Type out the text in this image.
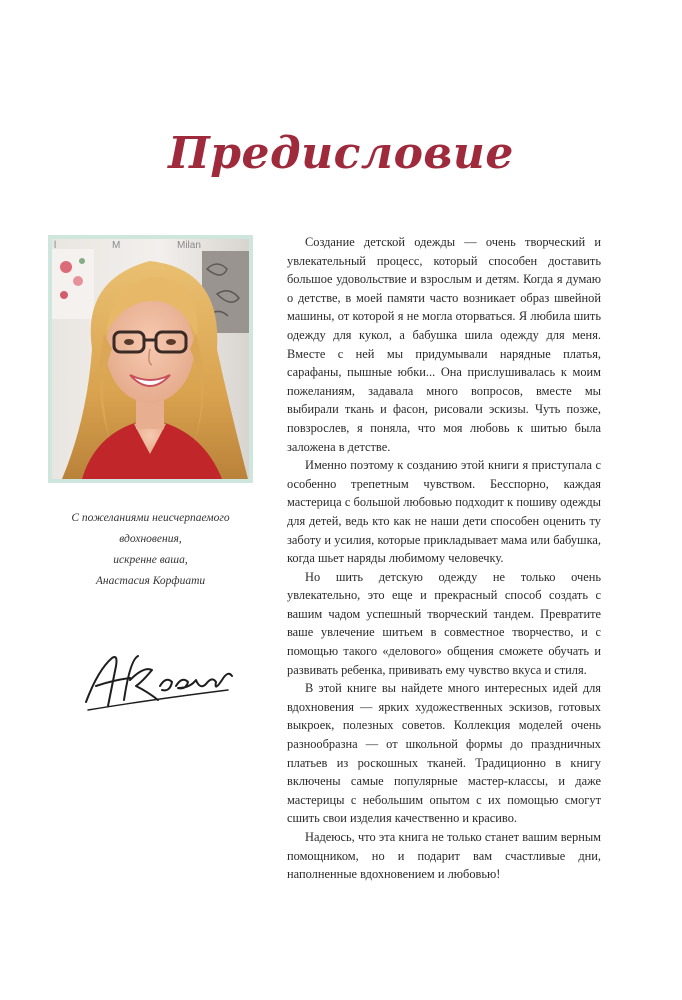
Предисловие
l	M	Milan
С пожеланиями неисчерпаемого
вдохновения,
искренне ваша,
Анастасия Корфиати

Создание детской одежды — очень творческий и увлекательный процесс, который способен доставить большое удовольствие и взрослым и детям. Когда я думаю о детстве, в моей памяти часто возникает образ швейной машины, от которой я не могла оторваться. Я любила шить одежду для кукол, а бабушка шила одежду для меня. Вместе с ней мы придумывали нарядные платья, сарафаны, пышные юбки... Она прислушивалась к моим пожеланиям, задавала много вопросов, вместе мы выбирали ткань и фасон, рисовали эскизы. Чуть позже, повзрослев, я поняла, что моя любовь к шитью была заложена в детстве.

Именно поэтому к созданию этой книги я приступала с особенно трепетным чувством. Бесспорно, каждая мастерица с большой любовью подходит к пошиву одежды для детей, ведь кто как не наши дети способен оценить ту заботу и усилия, которые прикладывает мама или бабушка, когда шьет наряды любимому человечку.

Но шить детскую одежду не только очень увлекательно, это еще и прекрасный способ создать с вашим чадом успешный творческий тандем. Превратите ваше увлечение шитьем в совместное творчество, и с помощью такого «делового» общения сможете обучать и развивать ребенка, прививать ему чувство вкуса и стиля.

В этой книге вы найдете много интересных идей для вдохновения — ярких художественных эскизов, готовых выкроек, полезных советов. Коллекция моделей очень разнообразна — от школьной формы до праздничных платьев из роскошных тканей. Традиционно в книгу включены самые популярные мастер-классы, и даже мастерицы с небольшим опытом с их помощью смогут сшить свои изделия качественно и красиво.

Надеюсь, что эта книга не только станет вашим верным помощником, но и подарит вам счастливые дни, наполненные вдохновением и любовью!
